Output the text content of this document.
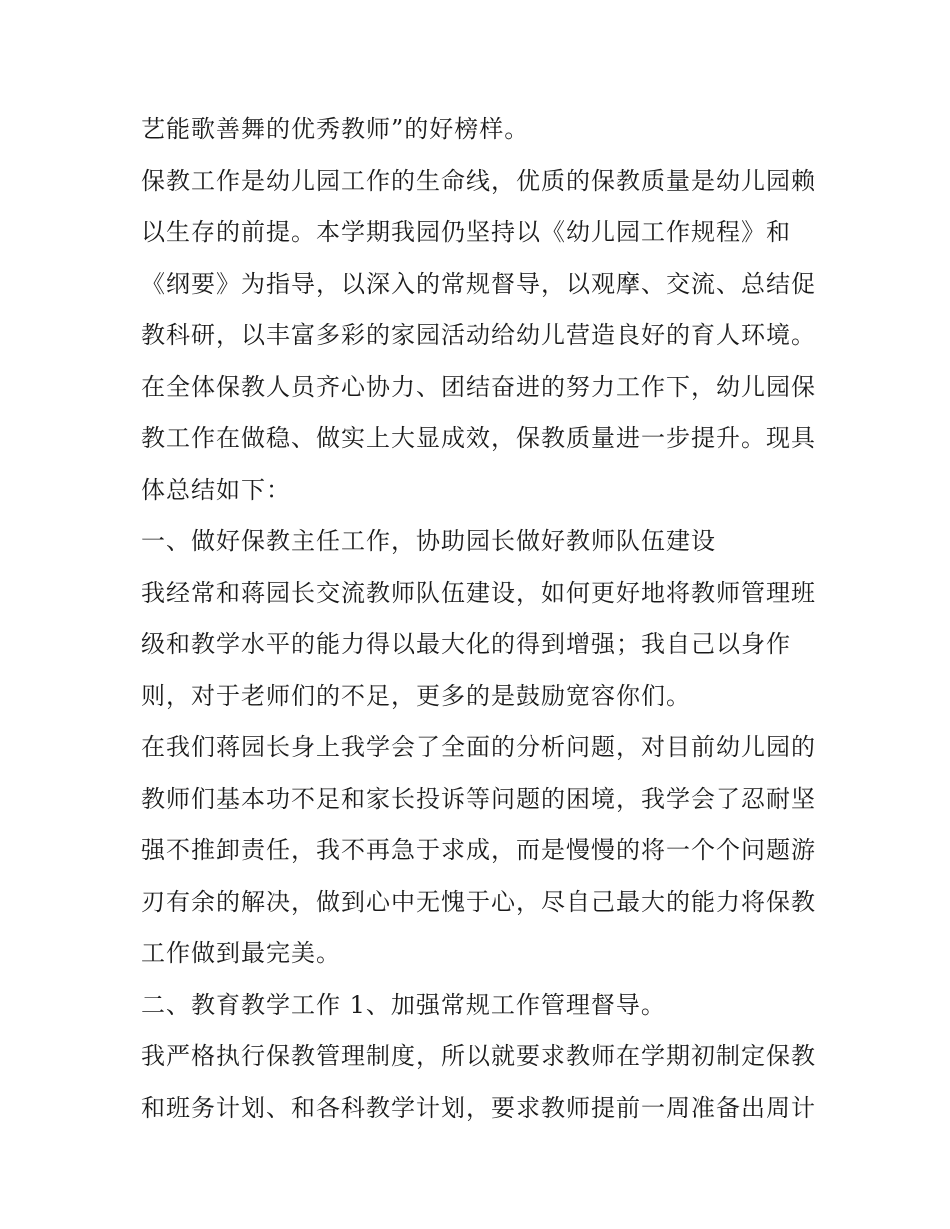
艺能歌善舞的优秀教师”的好榜样。
保教工作是幼儿园工作的生命线，优质的保教质量是幼儿园赖
以生存的前提。本学期我园仍坚持以《幼儿园工作规程》和
《纲要》为指导，以深入的常规督导，以观摩、交流、总结促
教科研，以丰富多彩的家园活动给幼儿营造良好的育人环境。
在全体保教人员齐心协力、团结奋进的努力工作下，幼儿园保
教工作在做稳、做实上大显成效，保教质量进一步提升。现具
体总结如下：
一、做好保教主任工作，协助园长做好教师队伍建设
我经常和蒋园长交流教师队伍建设，如何更好地将教师管理班
级和教学水平的能力得以最大化的得到增强；我自己以身作
则，对于老师们的不足，更多的是鼓励宽容你们。
在我们蒋园长身上我学会了全面的分析问题，对目前幼儿园的
教师们基本功不足和家长投诉等问题的困境，我学会了忍耐坚
强不推卸责任，我不再急于求成，而是慢慢的将一个个问题游
刃有余的解决，做到心中无愧于心，尽自己最大的能力将保教
工作做到最完美。
二、教育教学工作 1、加强常规工作管理督导。
我严格执行保教管理制度，所以就要求教师在学期初制定保教
和班务计划、和各科教学计划，要求教师提前一周准备出周计
